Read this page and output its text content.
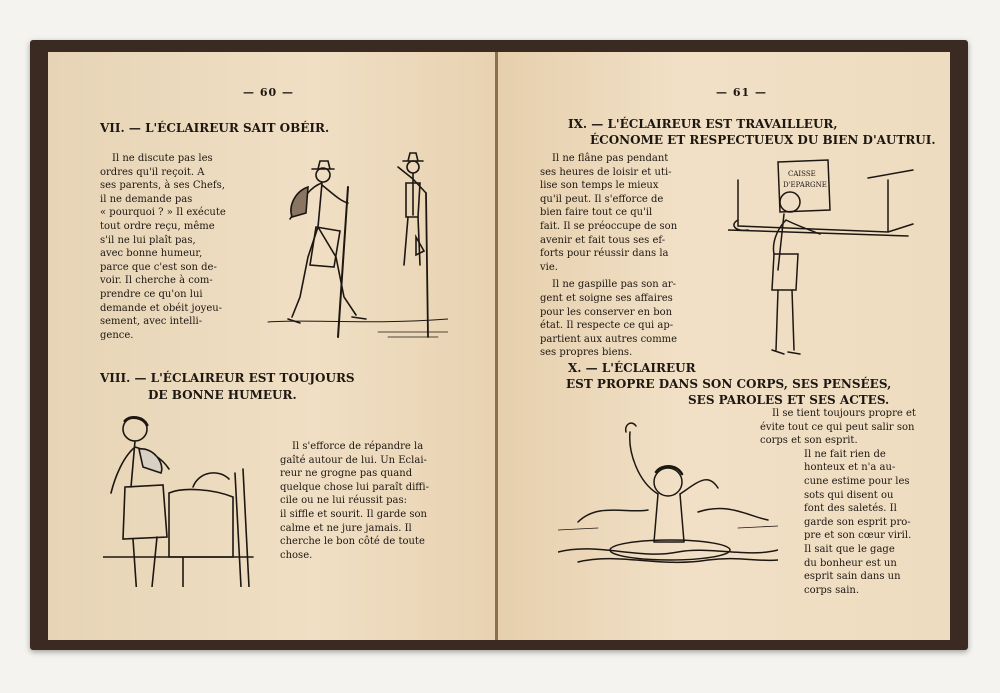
— 60 —
VII. — L'ÉCLAIREUR SAIT OBÉIR.
Il ne discute pas les
ordres qu'il reçoit. A
ses parents, à ses Chefs,
il ne demande pas
« pourquoi ? » Il exécute
tout ordre reçu, même
s'il ne lui plaît pas,
avec bonne humeur,
parce que c'est son de-
voir. Il cherche à com-
prendre ce qu'on lui
demande et obéit joyeu-
sement, avec intelli-
gence.
VIII. — L'ÉCLAIREUR EST TOUJOURS
DE BONNE HUMEUR.
Il s'efforce de répandre la
gaîté autour de lui. Un Eclai-
reur ne grogne pas quand
quelque chose lui paraît diffi-
cile ou ne lui réussit pas:
il siffle et sourit. Il garde son
calme et ne jure jamais. Il
cherche le bon côté de toute
chose.
— 61 —
IX. — L'ÉCLAIREUR EST TRAVAILLEUR,
ÉCONOME ET RESPECTUEUX DU BIEN D'AUTRUI.
Il ne flâne pas pendant
ses heures de loisir et uti-
lise son temps le mieux
qu'il peut. Il s'efforce de
bien faire tout ce qu'il
fait. Il se préoccupe de son
avenir et fait tous ses ef-
forts pour réussir dans la
vie.
Il ne gaspille pas son ar-
gent et soigne ses affaires
pour les conserver en bon
état. Il respecte ce qui ap-
partient aux autres comme
ses propres biens.
CAISSE
D'EPARGNE
X. — L'ÉCLAIREUR
EST PROPRE DANS SON CORPS, SES PENSÉES,
SES PAROLES ET SES ACTES.
Il se tient toujours propre et
évite tout ce qui peut salir son
corps et son esprit.
Il ne fait rien de
honteux et n'a au-
cune estime pour les
sots qui disent ou
font des saletés. Il
garde son esprit pro-
pre et son cœur viril.
Il sait que le gage
du bonheur est un
esprit sain dans un
corps sain.
